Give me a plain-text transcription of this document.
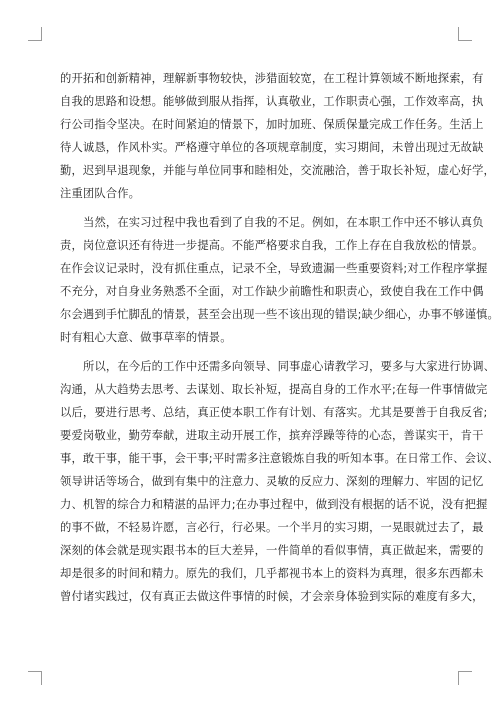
的开拓和创新精神，理解新事物较快，涉猎面较宽，在工程计算领域不断地探索，有
自我的思路和设想。能够做到服从指挥，认真敬业，工作职责心强，工作效率高，执
行公司指令坚决。在时间紧迫的情景下，加时加班、保质保量完成工作任务。生活上
待人诚恳，作风朴实。严格遵守单位的各项规章制度，实习期间，未曾出现过无故缺
勤，迟到早退现象，并能与单位同事和睦相处，交流融洽，善于取长补短，虚心好学，
注重团队合作。
当然，在实习过程中我也看到了自我的不足。例如，在本职工作中还不够认真负
责，岗位意识还有待进一步提高。不能严格要求自我，工作上存在自我放松的情景。
在作会议记录时，没有抓住重点，记录不全，导致遗漏一些重要资料;对工作程序掌握
不充分，对自身业务熟悉不全面，对工作缺少前瞻性和职责心，致使自我在工作中偶
尔会遇到手忙脚乱的情景，甚至会出现一些不该出现的错误;缺少细心，办事不够谨慎。
时有粗心大意、做事草率的情景。
所以，在今后的工作中还需多向领导、同事虚心请教学习，要多与大家进行协调、
沟通，从大趋势去思考、去谋划、取长补短，提高自身的工作水平;在每一件事情做完
以后，要进行思考、总结，真正使本职工作有计划、有落实。尤其是要善于自我反省;
要爱岗敬业，勤劳奉献，进取主动开展工作，摈弃浮躁等待的心态，善谋实干，肯干
事，敢干事，能干事，会干事;平时需多注意锻炼自我的听知本事。在日常工作、会议、
领导讲话等场合，做到有集中的注意力、灵敏的反应力、深刻的理解力、牢固的记忆
力、机智的综合力和精湛的品评力;在办事过程中，做到没有根据的话不说，没有把握
的事不做，不轻易许愿，言必行，行必果。一个半月的实习期，一晃眼就过去了，最
深刻的体会就是现实跟书本的巨大差异，一件简单的看似事情，真正做起来，需要的
却是很多的时间和精力。原先的我们，几乎都视书本上的资料为真理，很多东西都未
曾付诸实践过，仅有真正去做这件事情的时候，才会亲身体验到实际的难度有多大，
